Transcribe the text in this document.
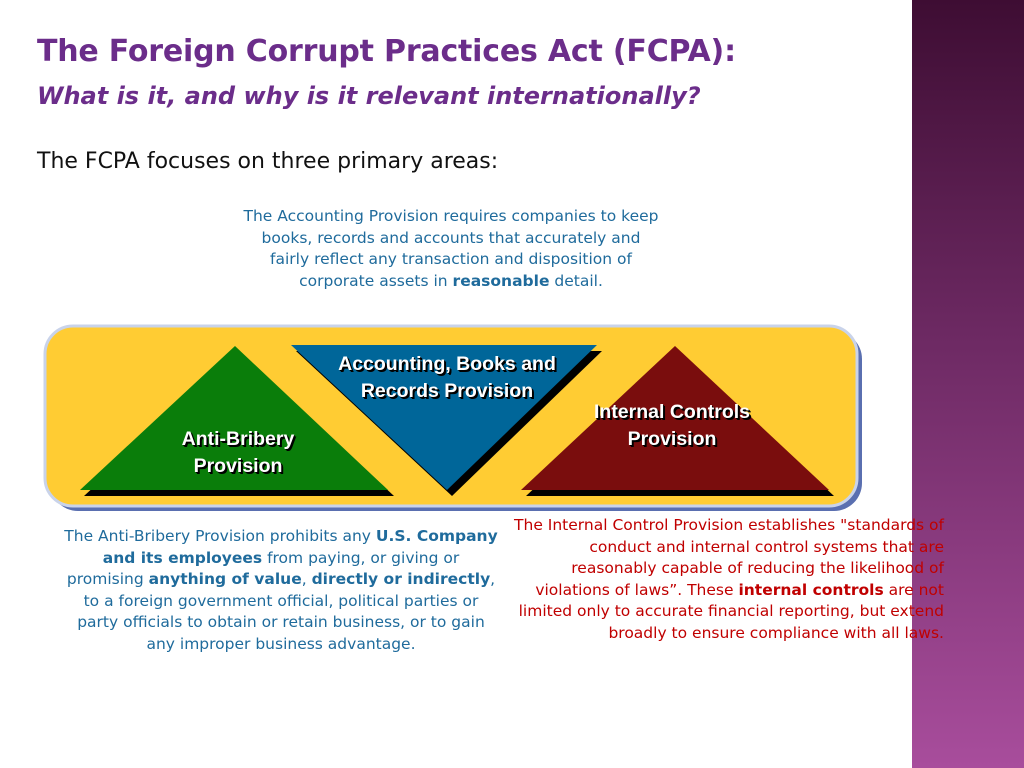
The Foreign Corrupt Practices Act (FCPA):
What is it, and why is it relevant internationally?

The FCPA focuses on three primary areas:

The Accounting Provision requires companies to keep books, records and accounts that accurately and fairly reflect any transaction and disposition of corporate assets in reasonable detail.

Anti-Bribery Provision
Accounting, Books and Records Provision
Internal Controls Provision

The Anti-Bribery Provision prohibits any U.S. Company and its employees from paying, or giving or promising anything of value, directly or indirectly, to a foreign government official, political parties or party officials to obtain or retain business, or to gain any improper business advantage.

The Internal Control Provision establishes "standards of conduct and internal control systems that are reasonably capable of reducing the likelihood of violations of laws”. These internal controls are not limited only to accurate financial reporting, but extend broadly to ensure compliance with all laws.
